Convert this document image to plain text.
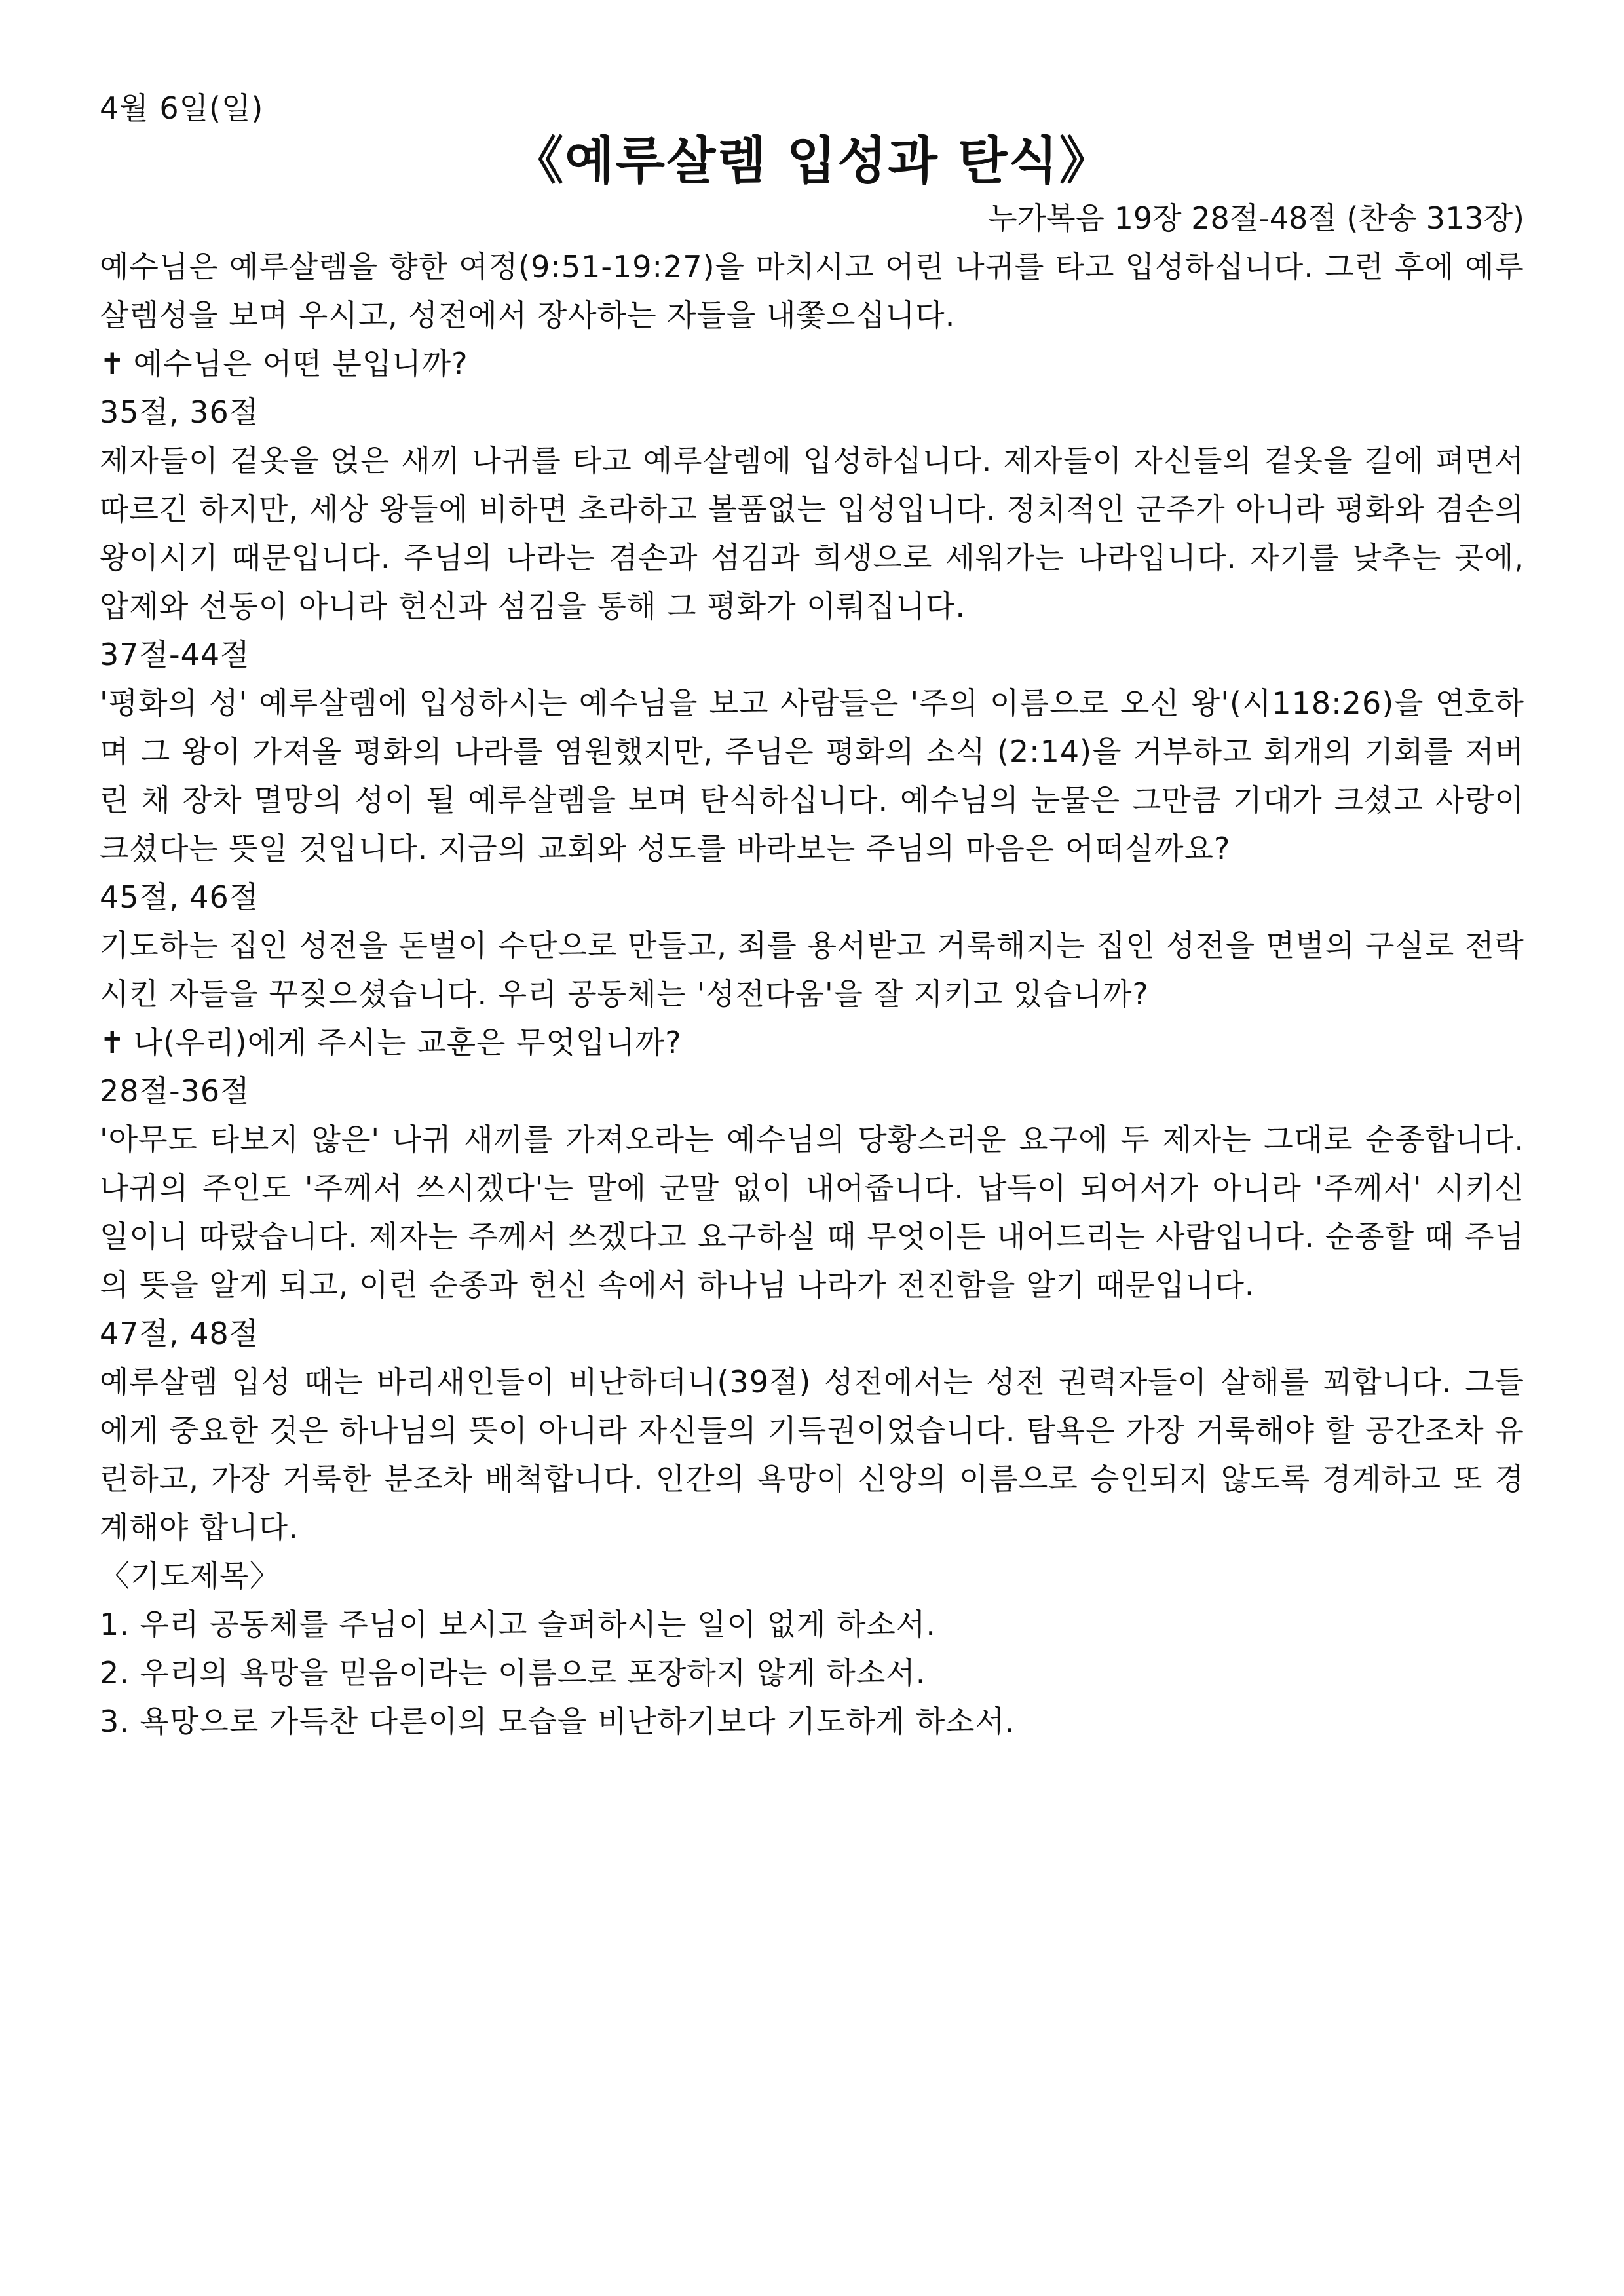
4월 6일(일)
《예루살렘 입성과 탄식》
누가복음 19장 28절-48절 (찬송 313장)

예수님은 예루살렘을 향한 여정(9:51-19:27)을 마치시고 어린 나귀를 타고 입성하십니다. 그런 후에 예루살렘성을 보며 우시고, 성전에서 장사하는 자들을 내쫓으십니다.

✝ 예수님은 어떤 분입니까?
35절, 36절

제자들이 겉옷을 얹은 새끼 나귀를 타고 예루살렘에 입성하십니다. 제자들이 자신들의 겉옷을 길에 펴면서 따르긴 하지만, 세상 왕들에 비하면 초라하고 볼품없는 입성입니다. 정치적인 군주가 아니라 평화와 겸손의 왕이시기 때문입니다. 주님의 나라는 겸손과 섬김과 희생으로 세워가는 나라입니다. 자기를 낮추는 곳에, 압제와 선동이 아니라 헌신과 섬김을 통해 그 평화가 이뤄집니다.

37절-44절

'평화의 성' 예루살렘에 입성하시는 예수님을 보고 사람들은 '주의 이름으로 오신 왕'(시118:26)을 연호하며 그 왕이 가져올 평화의 나라를 염원했지만, 주님은 평화의 소식 (2:14)을 거부하고 회개의 기회를 저버린 채 장차 멸망의 성이 될 예루살렘을 보며 탄식하십니다. 예수님의 눈물은 그만큼 기대가 크셨고 사랑이 크셨다는 뜻일 것입니다. 지금의 교회와 성도를 바라보는 주님의 마음은 어떠실까요?

45절, 46절

기도하는 집인 성전을 돈벌이 수단으로 만들고, 죄를 용서받고 거룩해지는 집인 성전을 면벌의 구실로 전락시킨 자들을 꾸짖으셨습니다. 우리 공동체는 '성전다움'을 잘 지키고 있습니까?

✝ 나(우리)에게 주시는 교훈은 무엇입니까?
28절-36절

'아무도 타보지 않은' 나귀 새끼를 가져오라는 예수님의 당황스러운 요구에 두 제자는 그대로 순종합니다. 나귀의 주인도 '주께서 쓰시겠다'는 말에 군말 없이 내어줍니다. 납득이 되어서가 아니라 '주께서' 시키신 일이니 따랐습니다. 제자는 주께서 쓰겠다고 요구하실 때 무엇이든 내어드리는 사람입니다. 순종할 때 주님의 뜻을 알게 되고, 이런 순종과 헌신 속에서 하나님 나라가 전진함을 알기 때문입니다.

47절, 48절

예루살렘 입성 때는 바리새인들이 비난하더니(39절) 성전에서는 성전 권력자들이 살해를 꾀합니다. 그들에게 중요한 것은 하나님의 뜻이 아니라 자신들의 기득권이었습니다. 탐욕은 가장 거룩해야 할 공간조차 유린하고, 가장 거룩한 분조차 배척합니다. 인간의 욕망이 신앙의 이름으로 승인되지 않도록 경계하고 또 경계해야 합니다.

〈기도제목〉
1. 우리 공동체를 주님이 보시고 슬퍼하시는 일이 없게 하소서.
2. 우리의 욕망을 믿음이라는 이름으로 포장하지 않게 하소서.
3. 욕망으로 가득찬 다른이의 모습을 비난하기보다 기도하게 하소서.
